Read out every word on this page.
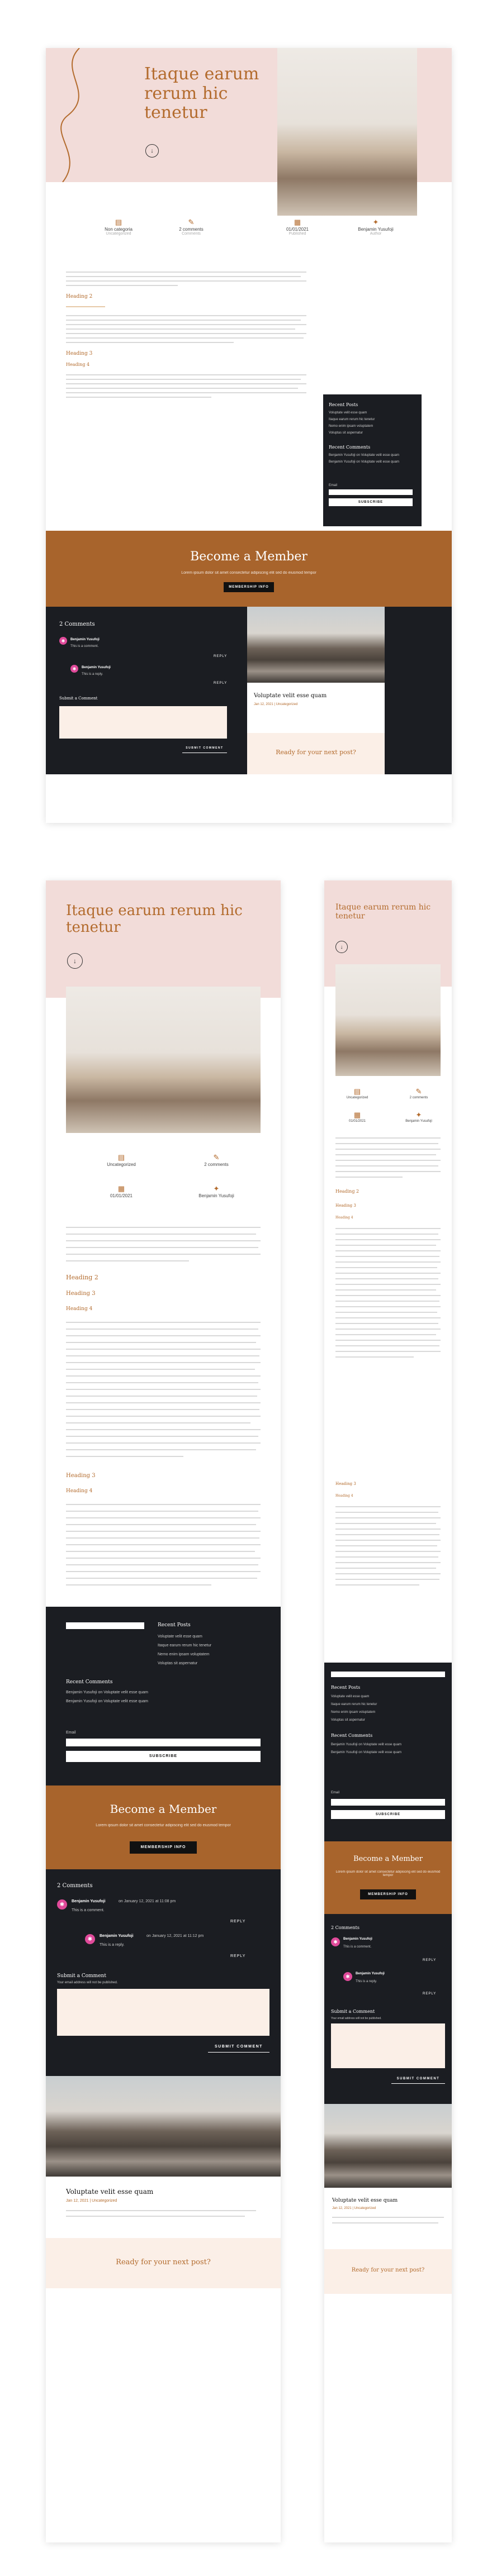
Itaque earum rerum hic tenetur
↓
▤
Non categoria
Uncategorized
✎
2 comments
Comments
▦
01/01/2021
Published
✦
Benjamin Yusufoji
Author
Heading 2
Heading 3
Heading 4
Recent Posts
Voluptate velit esse quam
Itaque earum rerum hic tenetur
Nemo enim ipsam voluptatem
Voluptas sit aspernatur
Recent Comments
Benjamin Yusufoji on Voluptate velit esse quam
Benjamin Yusufoji on Voluptate velit esse quam
Email
SUBSCRIBE
Become a Member
Lorem ipsum dolor sit amet consectetur adipiscing elit sed do eiusmod tempor
MEMBERSHIP INFO
2 Comments
✱	Benjamin Yusufoji
This is a comment.
REPLY
✱	Benjamin Yusufoji
This is a reply.
REPLY
Submit a Comment
SUBMIT COMMENT
Voluptate velit esse quam
Jan 12, 2021 | Uncategorized
Ready for your next post?
Itaque earum rerum hic tenetur
↓
▤
Uncategorized
✎
2 comments
▦
01/01/2021
✦
Benjamin Yusufoji
Heading 2
Heading 3
Heading 4
Heading 3
Heading 4
Recent Posts
Voluptate velit esse quam
Itaque earum rerum hic tenetur
Nemo enim ipsam voluptatem
Voluptas sit aspernatur
Recent Comments
Benjamin Yusufoji on Voluptate velit esse quam
Benjamin Yusufoji on Voluptate velit esse quam
Email
SUBSCRIBE
Become a Member
Lorem ipsum dolor sit amet consectetur adipiscing elit sed do eiusmod tempor
MEMBERSHIP INFO
2 Comments
✱	Benjamin Yusufoji	on January 12, 2021 at 11:08 pm
This is a comment.
REPLY
✱	Benjamin Yusufoji	on January 12, 2021 at 11:12 pm
This is a reply.
REPLY
Submit a Comment
Your email address will not be published.
SUBMIT COMMENT
Voluptate velit esse quam
Jan 12, 2021 | Uncategorized
Ready for your next post?
Itaque earum rerum hic tenetur
↓
▤
Uncategorized
✎
2 comments
▦
01/01/2021
✦
Benjamin Yusufoji
Heading 2
Heading 3
Heading 4
Heading 3
Heading 4
Recent Posts
Voluptate velit esse quam
Itaque earum rerum hic tenetur
Nemo enim ipsam voluptatem
Voluptas sit aspernatur
Recent Comments
Benjamin Yusufoji on Voluptate velit esse quam
Benjamin Yusufoji on Voluptate velit esse quam
Email
SUBSCRIBE
Become a Member
Lorem ipsum dolor sit amet consectetur adipiscing elit sed do eiusmod tempor
MEMBERSHIP INFO
2 Comments
✱	Benjamin Yusufoji
This is a comment.
REPLY
✱	Benjamin Yusufoji
This is a reply.
REPLY
Submit a Comment
Your email address will not be published.
SUBMIT COMMENT
Voluptate velit esse quam
Jan 12, 2021 | Uncategorized
Ready for your next post?
